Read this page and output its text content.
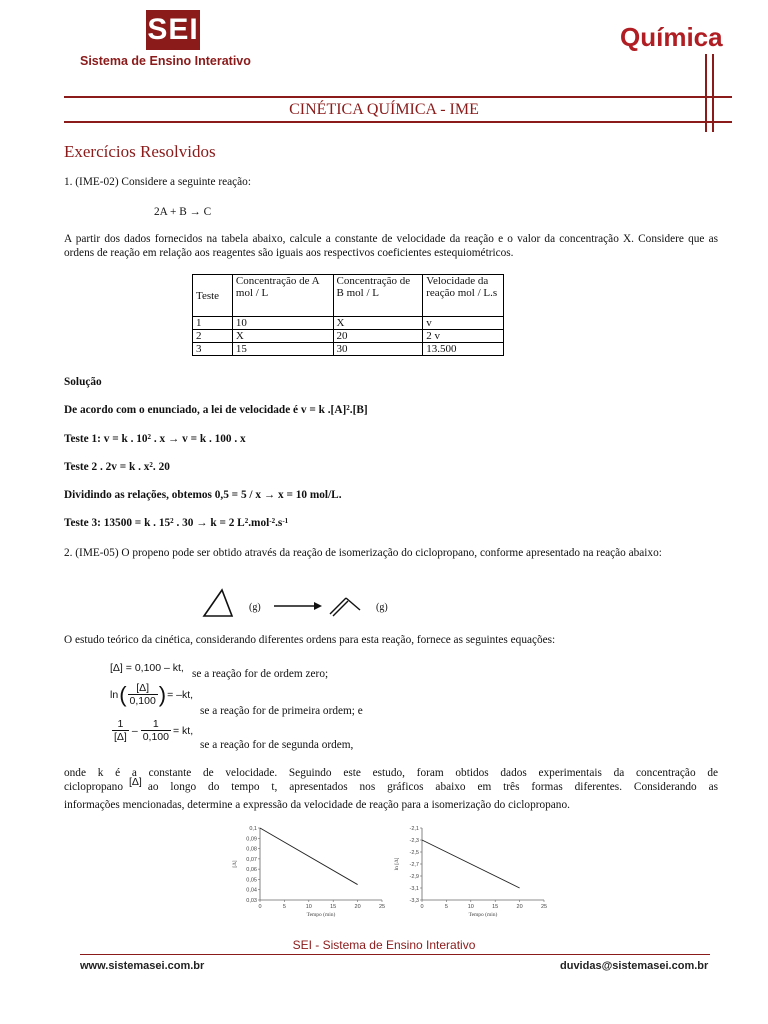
SEI
Sistema de Ensino Interativo
Química
CINÉTICA QUÍMICA - IME
Exercícios Resolvidos
1. (IME-02) Considere a seguinte reação:
2A + B → C
A partir dos dados fornecidos na tabela abaixo, calcule a constante de velocidade da reação e o valor da concentração X. Considere que as ordens de reação em relação aos reagentes são iguais aos respectivos coeficientes estequiométricos.
Teste	Concentração de A mol / L	Concentração de B mol / L	Velocidade da reação mol / L.s
1	10	X	v
2	X	20	2 v
3	15	30	13.500
Solução
De acordo com o enunciado, a lei de velocidade é v = k $.[A]^2.[B]$
Teste 1: v = k . $10^2$ . x → v = k . 100 . x
Teste 2 . 2v = k . $x^2$. 20
Dividindo as relações, obtemos 0,5 = 5 / x → x = 10 mol/L.
Teste 3: 13500 = k . $15^2$ . 30 → k = 2 $L^2.mol^{-2}.s^{-1}$
2. (IME-05) O propeno pode ser obtido através da reação de isomerização do ciclopropano, conforme apresentado na reação abaixo:
(g)	(g)
O estudo teórico da cinética, considerando diferentes ordens para esta reação, fornece as seguintes equações:
[Δ] = 0,100 – kt, se a reação for de ordem zero;
ln ( $\frac{[\Delta]}{0,100}$ ) = –kt,
se a reação for de primeira ordem; e
$\frac{1}{[\Delta]} - \frac{1}{0,100}$ = kt,
se a reação for de segunda ordem,
onde k é a constante de velocidade. Seguindo este estudo, foram obtidos dados experimentais da concentração de
ciclopropano [Δ] ao longo do tempo t, apresentados nos gráficos abaixo em três formas diferentes. Considerando as
informações mencionadas, determine a expressão da velocidade de reação para a isomerização do ciclopropano.
0,03
0,04
0,05
0,06
0,07
0,08
0,09
0,1
0	5	10	15	20	25
Tempo (min)
[Δ]
-2,1
-2,3
-2,5
-2,7
-2,9
-3,1
-3,3
0	5	10	15	20	25
Tempo (min)
ln [Δ]
SEI - Sistema de Ensino Interativo
www.sistemasei.com.br	duvidas@sistemasei.com.br
